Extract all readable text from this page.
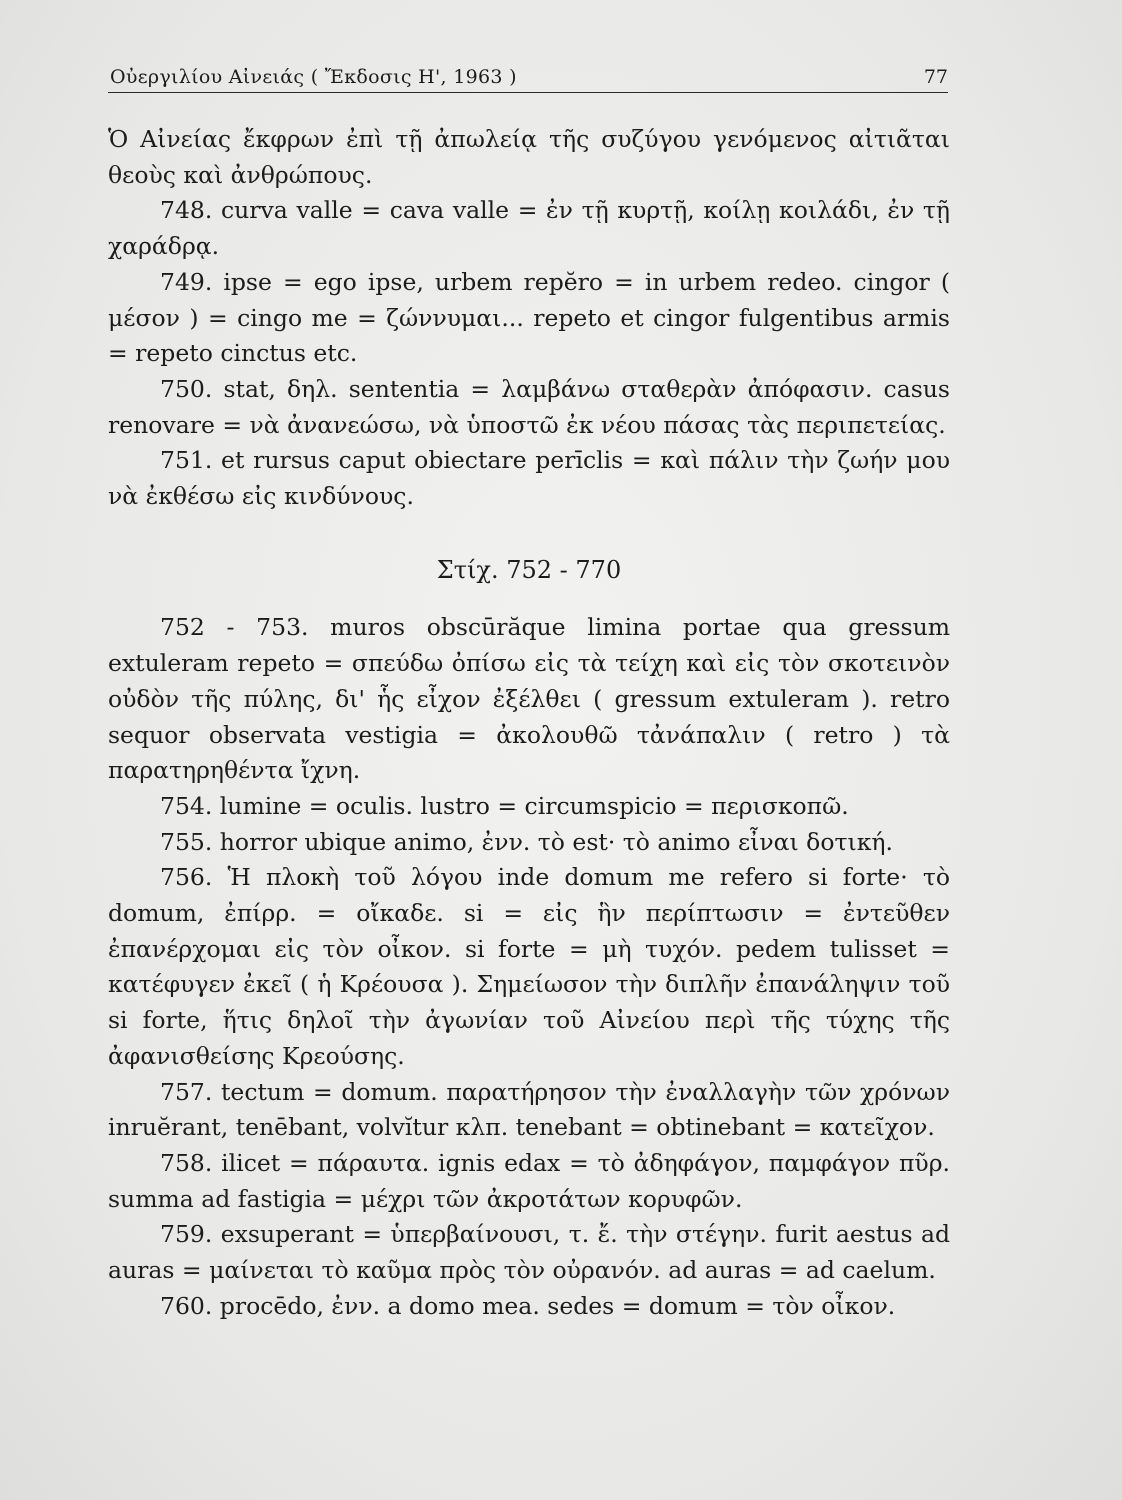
Οὐεργιλίου Αἰνειάς ( Ἔκδοσις Η', 1963 )	77

Ὁ Αἰνείας ἔκφρων ἐπὶ τῇ ἀπωλείᾳ τῆς συζύγου γενόμενος αἰτιᾶται θεοὺς καὶ ἀνθρώπους.

748. curva valle = cava valle = ἐν τῇ κυρτῇ, κοίλῃ κοιλάδι, ἐν τῇ χαράδρᾳ.

749. ipse = ego ipse, urbem repĕro = in urbem redeo. cingor ( μέσον ) = cingo me = ζώννυμαι... repeto et cingor fulgentibus armis = repeto cinctus etc.

750. stat, δηλ. sententia = λαμβάνω σταθερὰν ἀπόφασιν. casus renovare = νὰ ἀνανεώσω, νὰ ὑποστῶ ἐκ νέου πάσας τὰς περιπετείας.

751. et rursus caput obiectare perīclis = καὶ πάλιν τὴν ζωήν μου νὰ ἐκθέσω εἰς κινδύνους.

Στίχ. 752 - 770

752 - 753. muros obscūrăque limina portae qua gressum extuleram repeto = σπεύδω ὀπίσω εἰς τὰ τείχη καὶ εἰς τὸν σκοτεινὸν οὐδὸν τῆς πύλης, δι' ἧς εἶχον ἐξέλθει ( gressum extuleram ). retro sequor observata vestigia = ἀκολουθῶ τἀνάπαλιν ( retro ) τὰ παρατηρηθέντα ἴχνη.

754. lumine = oculis. lustro = circumspicio = περισκοπῶ.

755. horror ubique animo, ἐνν. τὸ est· τὸ animo εἶναι δοτική.

756. Ἡ πλοκὴ τοῦ λόγου inde domum me refero si forte· τὸ domum, ἐπίρρ. = οἴκαδε. si = εἰς ἣν περίπτωσιν = ἐντεῦθεν ἐπανέρχομαι εἰς τὸν οἶκον. si forte = μὴ τυχόν. pedem tulisset = κατέφυγεν ἐκεῖ ( ἡ Κρέουσα ). Σημείωσον τὴν διπλῆν ἐπανάληψιν τοῦ si forte, ἥτις δηλοῖ τὴν ἀγωνίαν τοῦ Αἰνείου περὶ τῆς τύχης τῆς ἀφανισθείσης Κρεούσης.

757. tectum = domum. παρατήρησον τὴν ἐναλλαγὴν τῶν χρόνων inruĕrant, tenēbant, volvĭtur κλπ. tenebant = obtinebant = κατεῖχον.

758. ilicet = πάραυτα. ignis edax = τὸ ἀδηφάγον, παμφάγον πῦρ. summa ad fastigia = μέχρι τῶν ἀκροτάτων κορυφῶν.

759. exsuperant = ὑπερβαίνουσι, τ. ἔ. τὴν στέγην. furit aestus ad auras = μαίνεται τὸ καῦμα πρὸς τὸν οὐρανόν. ad auras = ad caelum.

760. procēdo, ἐνν. a domo mea. sedes = domum = τὸν οἶκον.
